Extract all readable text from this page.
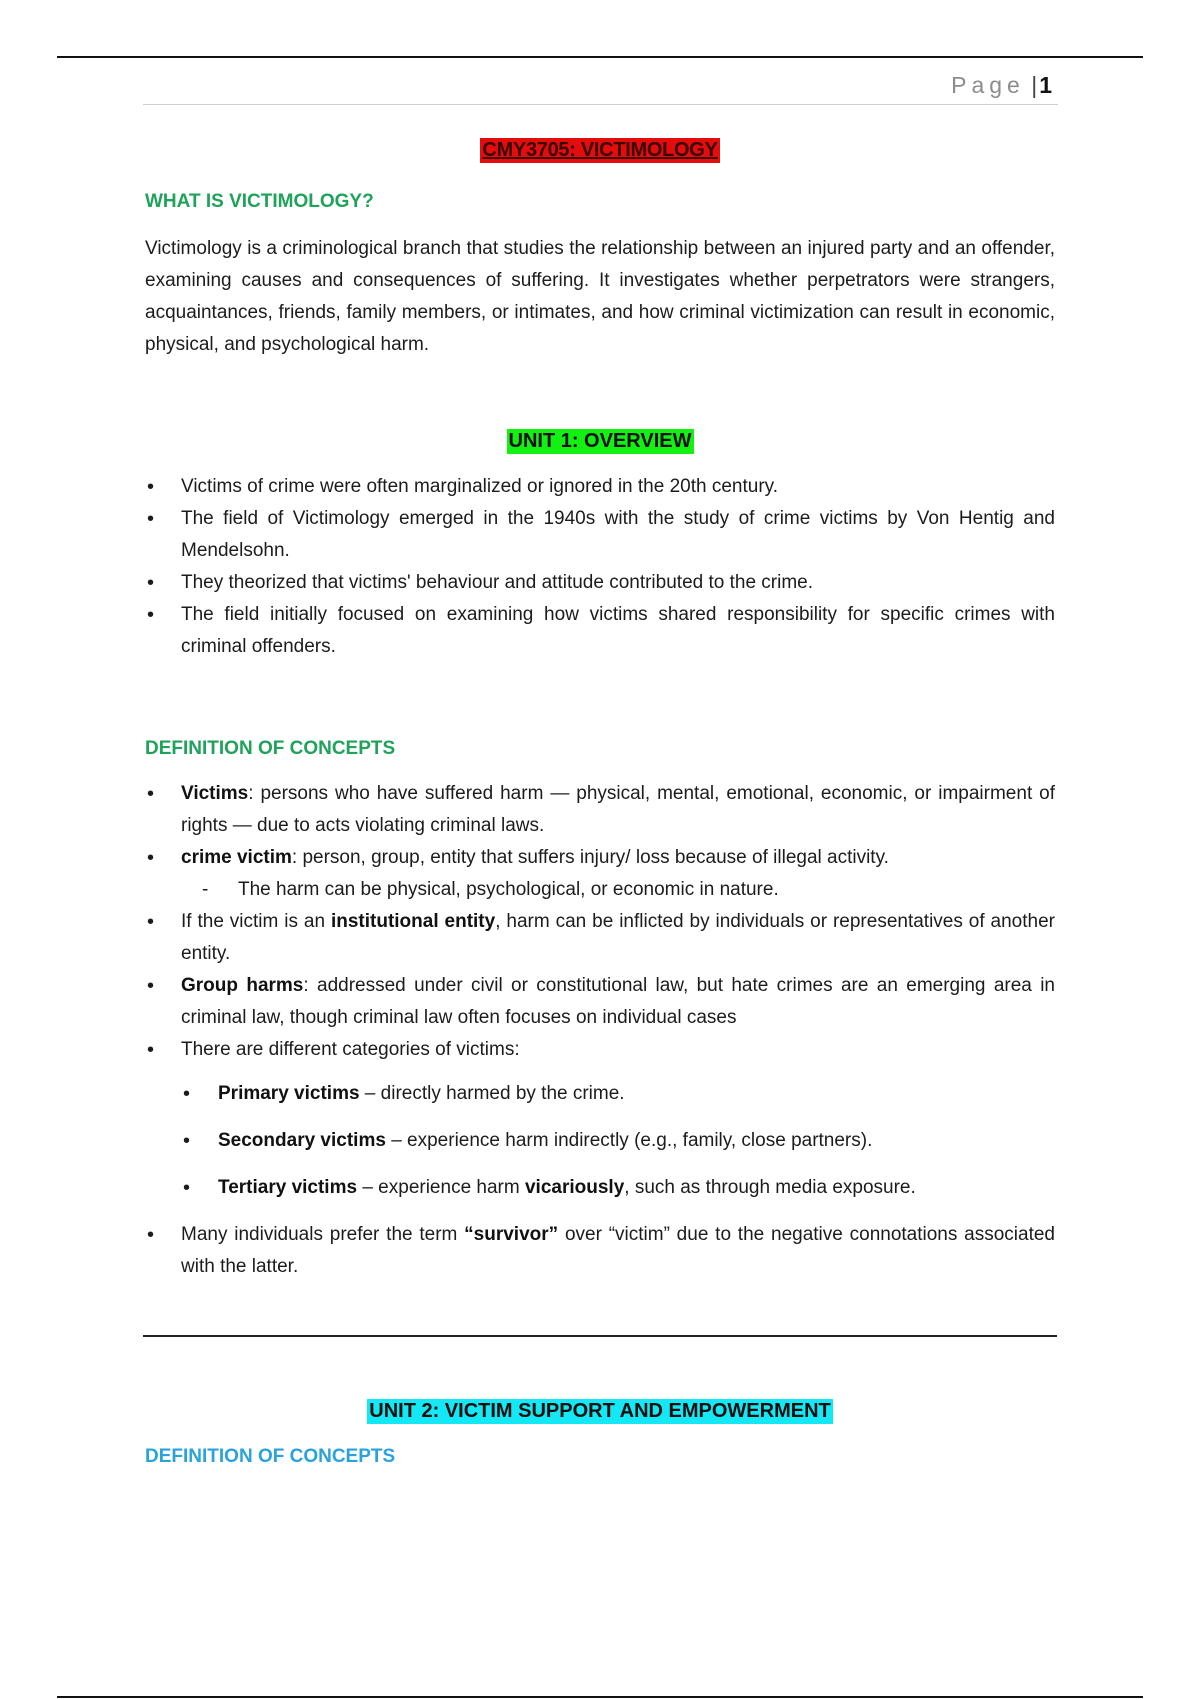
Page |1
CMY3705: VICTIMOLOGY
WHAT IS VICTIMOLOGY?

Victimology is a criminological branch that studies the relationship between an injured party and an offender, examining causes and consequences of suffering. It investigates whether perpetrators were strangers, acquaintances, friends, family members, or intimates, and how criminal victimization can result in economic, physical, and psychological harm.

UNIT 1: OVERVIEW
• Victims of crime were often marginalized or ignored in the 20th century.
• The field of Victimology emerged in the 1940s with the study of crime victims by Von Hentig and Mendelsohn.
• They theorized that victims' behaviour and attitude contributed to the crime.
• The field initially focused on examining how victims shared responsibility for specific crimes with criminal offenders.
DEFINITION OF CONCEPTS
• Victims: persons who have suffered harm — physical, mental, emotional, economic, or impairment of rights — due to acts violating criminal laws.
• crime victim: person, group, entity that suffers injury/ loss because of illegal activity.
- The harm can be physical, psychological, or economic in nature.
• If the victim is an institutional entity, harm can be inflicted by individuals or representatives of another entity.
• Group harms: addressed under civil or constitutional law, but hate crimes are an emerging area in criminal law, though criminal law often focuses on individual cases
• There are different categories of victims:
• Primary victims – directly harmed by the crime.
• Secondary victims – experience harm indirectly (e.g., family, close partners).
• Tertiary victims – experience harm vicariously, such as through media exposure.
• Many individuals prefer the term “survivor” over “victim” due to the negative connotations associated with the latter.
UNIT 2: VICTIM SUPPORT AND EMPOWERMENT
DEFINITION OF CONCEPTS
